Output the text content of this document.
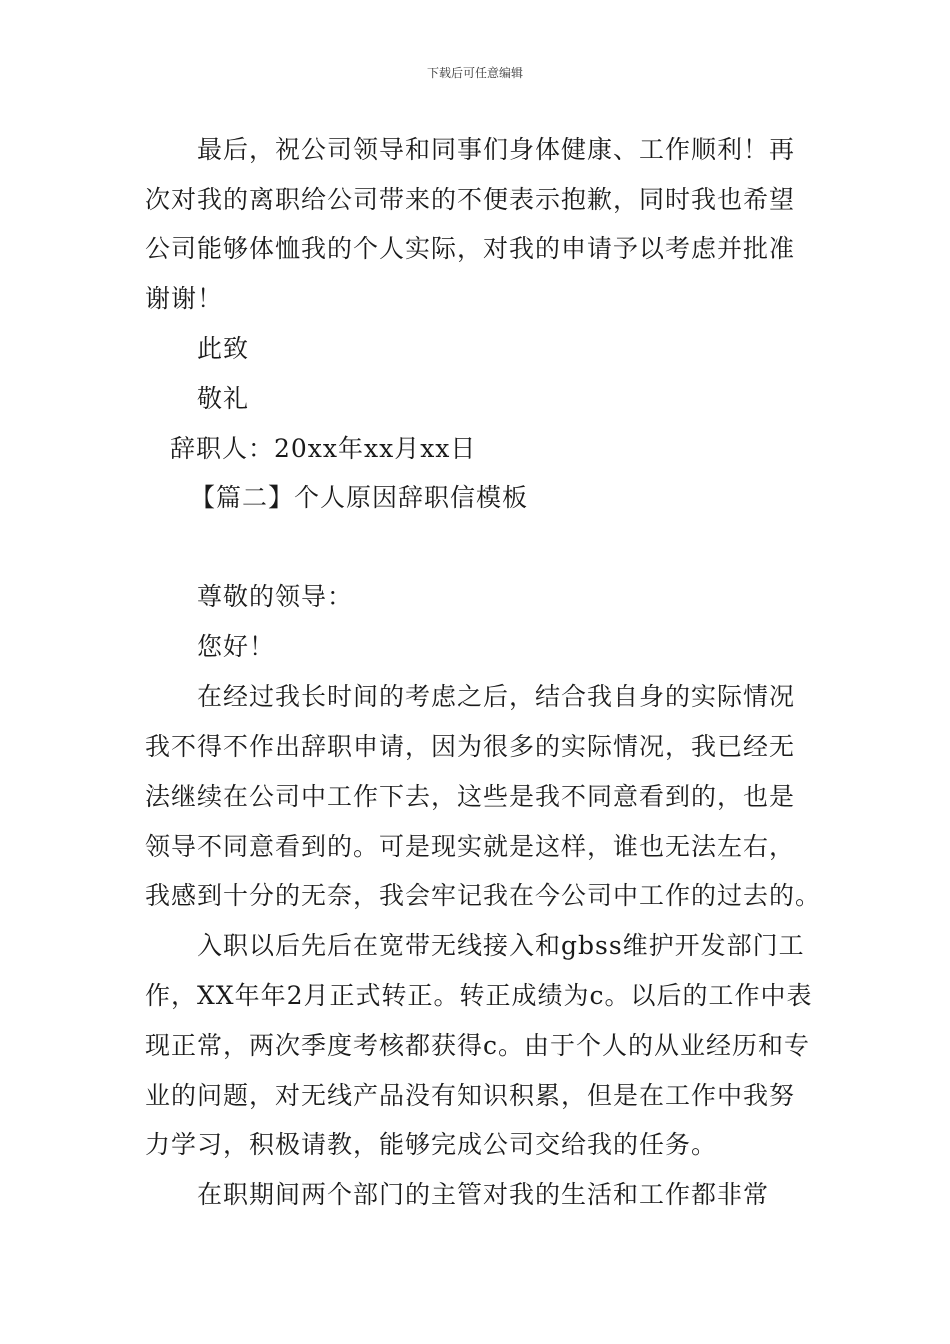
下载后可任意编辑
最后，祝公司领导和同事们身体健康、工作顺利！再
次对我的离职给公司带来的不便表示抱歉，同时我也希望
公司能够体恤我的个人实际，对我的申请予以考虑并批准
谢谢！
此致
敬礼
辞职人：20xx年xx月xx日
【篇二】个人原因辞职信模板
尊敬的领导：
您好！
在经过我长时间的考虑之后，结合我自身的实际情况
我不得不作出辞职申请，因为很多的实际情况，我已经无
法继续在公司中工作下去，这些是我不同意看到的，也是
领导不同意看到的。可是现实就是这样，谁也无法左右，
我感到十分的无奈，我会牢记我在今公司中工作的过去的。
入职以后先后在宽带无线接入和gbss维护开发部门工
作，XX年年2月正式转正。转正成绩为c。以后的工作中表
现正常，两次季度考核都获得c。由于个人的从业经历和专
业的问题，对无线产品没有知识积累，但是在工作中我努
力学习，积极请教，能够完成公司交给我的任务。
在职期间两个部门的主管对我的生活和工作都非常
